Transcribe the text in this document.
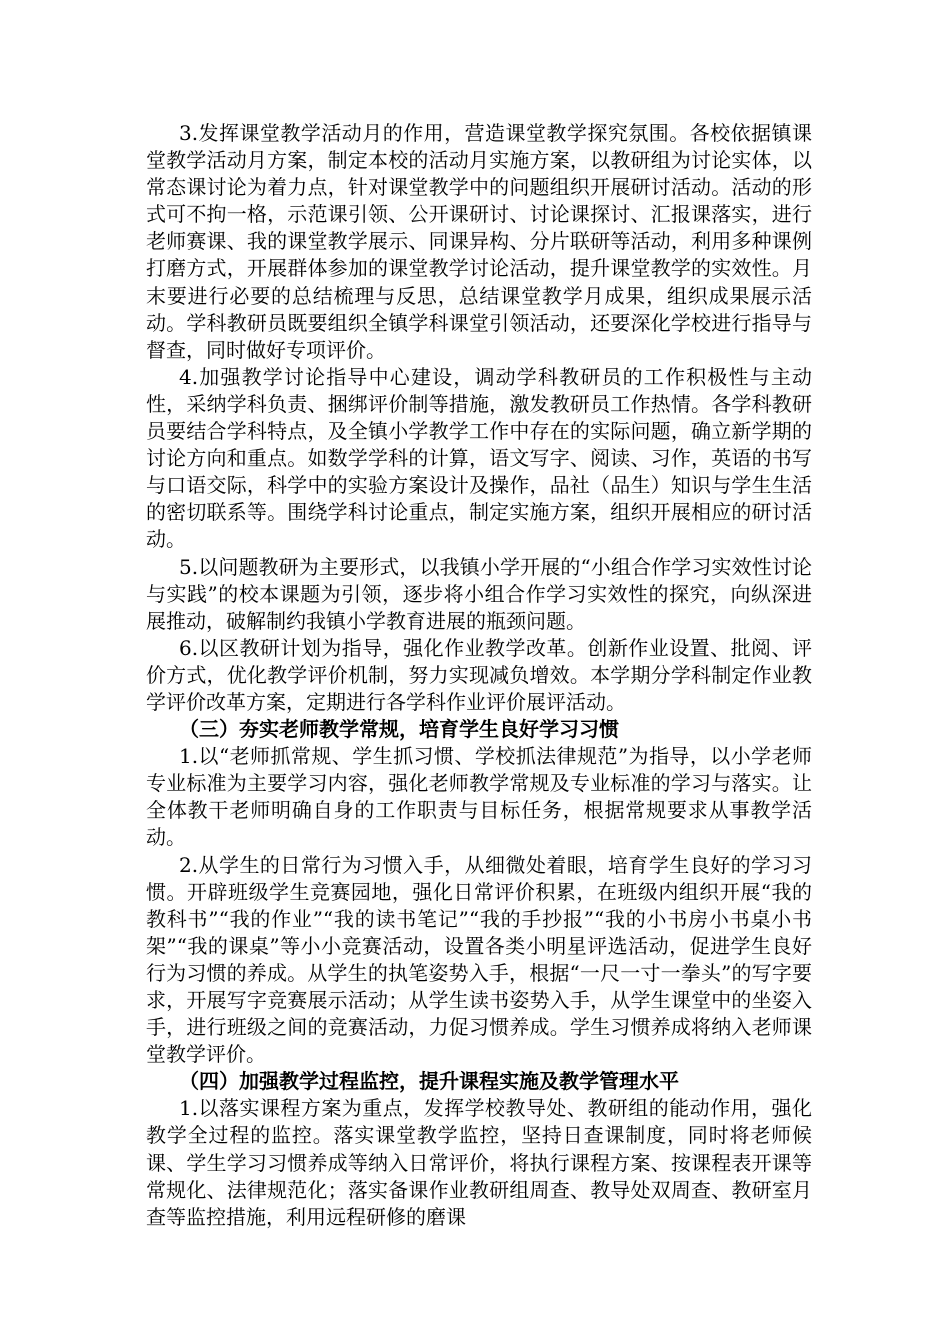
3.发挥课堂教学活动月的作用，营造课堂教学探究氛围。各校依据镇课堂教学活动月方案，制定本校的活动月实施方案，以教研组为讨论实体，以常态课讨论为着力点，针对课堂教学中的问题组织开展研讨活动。活动的形式可不拘一格，示范课引领、公开课研讨、讨论课探讨、汇报课落实，进行老师赛课、我的课堂教学展示、同课异构、分片联研等活动，利用多种课例打磨方式，开展群体参加的课堂教学讨论活动，提升课堂教学的实效性。月末要进行必要的总结梳理与反思，总结课堂教学月成果，组织成果展示活动。学科教研员既要组织全镇学科课堂引领活动，还要深化学校进行指导与督查，同时做好专项评价。

4.加强教学讨论指导中心建设，调动学科教研员的工作积极性与主动性，采纳学科负责、捆绑评价制等措施，激发教研员工作热情。各学科教研员要结合学科特点，及全镇小学教学工作中存在的实际问题，确立新学期的讨论方向和重点。如数学学科的计算，语文写字、阅读、习作，英语的书写与口语交际，科学中的实验方案设计及操作，品社（品生）知识与学生生活的密切联系等。围绕学科讨论重点，制定实施方案，组织开展相应的研讨活动。

5.以问题教研为主要形式，以我镇小学开展的“小组合作学习实效性讨论与实践”的校本课题为引领，逐步将小组合作学习实效性的探究，向纵深进展推动，破解制约我镇小学教育进展的瓶颈问题。

6.以区教研计划为指导，强化作业教学改革。创新作业设置、批阅、评价方式，优化教学评价机制，努力实现减负增效。本学期分学科制定作业教学评价改革方案，定期进行各学科作业评价展评活动。

（三）夯实老师教学常规，培育学生良好学习习惯

1.以“老师抓常规、学生抓习惯、学校抓法律规范”为指导，以小学老师专业标准为主要学习内容，强化老师教学常规及专业标准的学习与落实。让全体教干老师明确自身的工作职责与目标任务，根据常规要求从事教学活动。

2.从学生的日常行为习惯入手，从细微处着眼，培育学生良好的学习习惯。开辟班级学生竞赛园地，强化日常评价积累，在班级内组织开展“我的教科书”“我的作业”“我的读书笔记”“我的手抄报”“我的小书房小书桌小书架”“我的课桌”等小小竞赛活动，设置各类小明星评选活动，促进学生良好行为习惯的养成。从学生的执笔姿势入手，根据“一尺一寸一拳头”的写字要求，开展写字竞赛展示活动；从学生读书姿势入手，从学生课堂中的坐姿入手，进行班级之间的竞赛活动，力促习惯养成。学生习惯养成将纳入老师课堂教学评价。

（四）加强教学过程监控，提升课程实施及教学管理水平

1.以落实课程方案为重点，发挥学校教导处、教研组的能动作用，强化教学全过程的监控。落实课堂教学监控，坚持日查课制度，同时将老师候课、学生学习习惯养成等纳入日常评价，将执行课程方案、按课程表开课等常规化、法律规范化；落实备课作业教研组周查、教导处双周查、教研室月查等监控措施，利用远程研修的磨课
